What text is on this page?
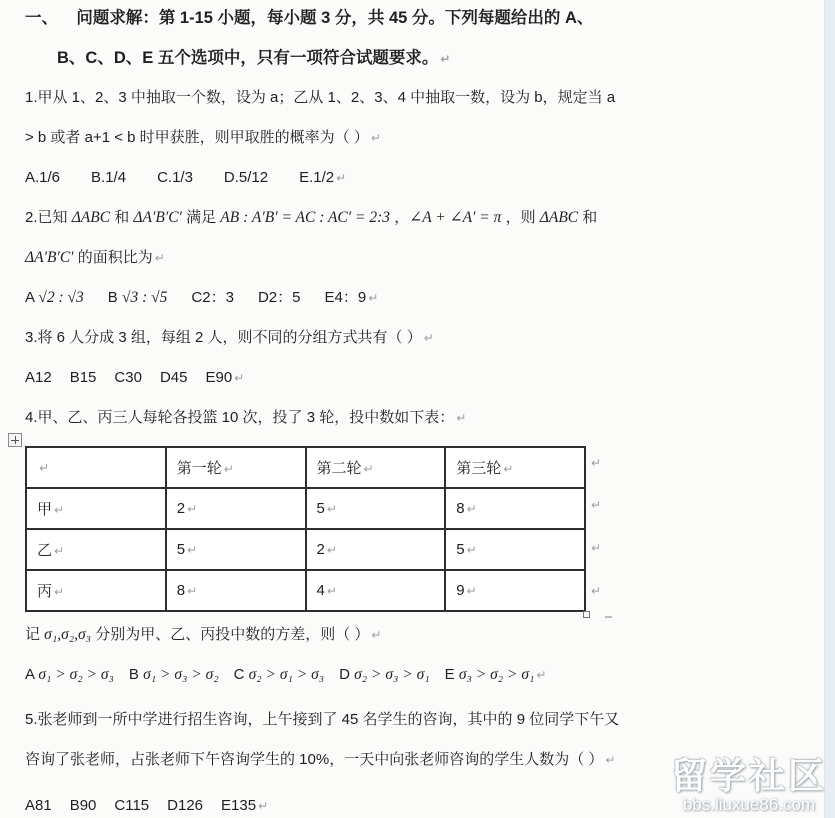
一、    问题求解：第 1-15 小题，每小题 3 分，共 45 分。下列每题给出的 A、
B、C、D、E 五个选项中，只有一项符合试题要求。 ↵
1.甲从 1、2、3 中抽取一个数，设为 a；乙从 1、2、3、4 中抽取一数，设为 b，规定当 a
> b 或者 a+1 < b 时甲获胜，则甲取胜的概率为（ ） ↵
A.1/6 B.1/4 C.1/3 D.5/12 E.1/2 ↵
2.已知 ΔABC 和 ΔA′B′C′ 满足 AB : A′B′ = AC : AC′ = 2:3 ，∠A + ∠A′ = π ，则 ΔABC 和
ΔA′B′C′ 的面积比为 ↵
A √2 : √3 B √3 : √5 C2：3 D2：5 E4：9 ↵
3.将 6 人分成 3 组，每组 2 人，则不同的分组方式共有（ ） ↵
A12 B15 C30 D45 E90 ↵
4.甲、乙、丙三人每轮各投篮 10 次，投了 3 轮，投中数如下表： ↵
↵	第一轮 ↵	第二轮 ↵	第三轮 ↵
甲 ↵	2 ↵	5 ↵	8 ↵
乙 ↵	5 ↵	2 ↵	5 ↵
丙 ↵	8 ↵	4 ↵	9 ↵
↵
↵
↵
↵
记 σ₁,σ₂,σ₃ 分别为甲、乙、丙投中数的方差，则（ ） ↵
A σ₁ > σ₂ > σ₃ B σ₁ > σ₃ > σ₂ C σ₂ > σ₁ > σ₃ D σ₂ > σ₃ > σ₁ E σ₃ > σ₂ > σ₁ ↵
5.张老师到一所中学进行招生咨询，上午接到了 45 名学生的咨询，其中的 9 位同学下午又
咨询了张老师，占张老师下午咨询学生的 10%，一天中向张老师咨询的学生人数为（ ） ↵
A81 B90 C115 D126 E135 ↵
留学社区
bbs.liuxue86.com
